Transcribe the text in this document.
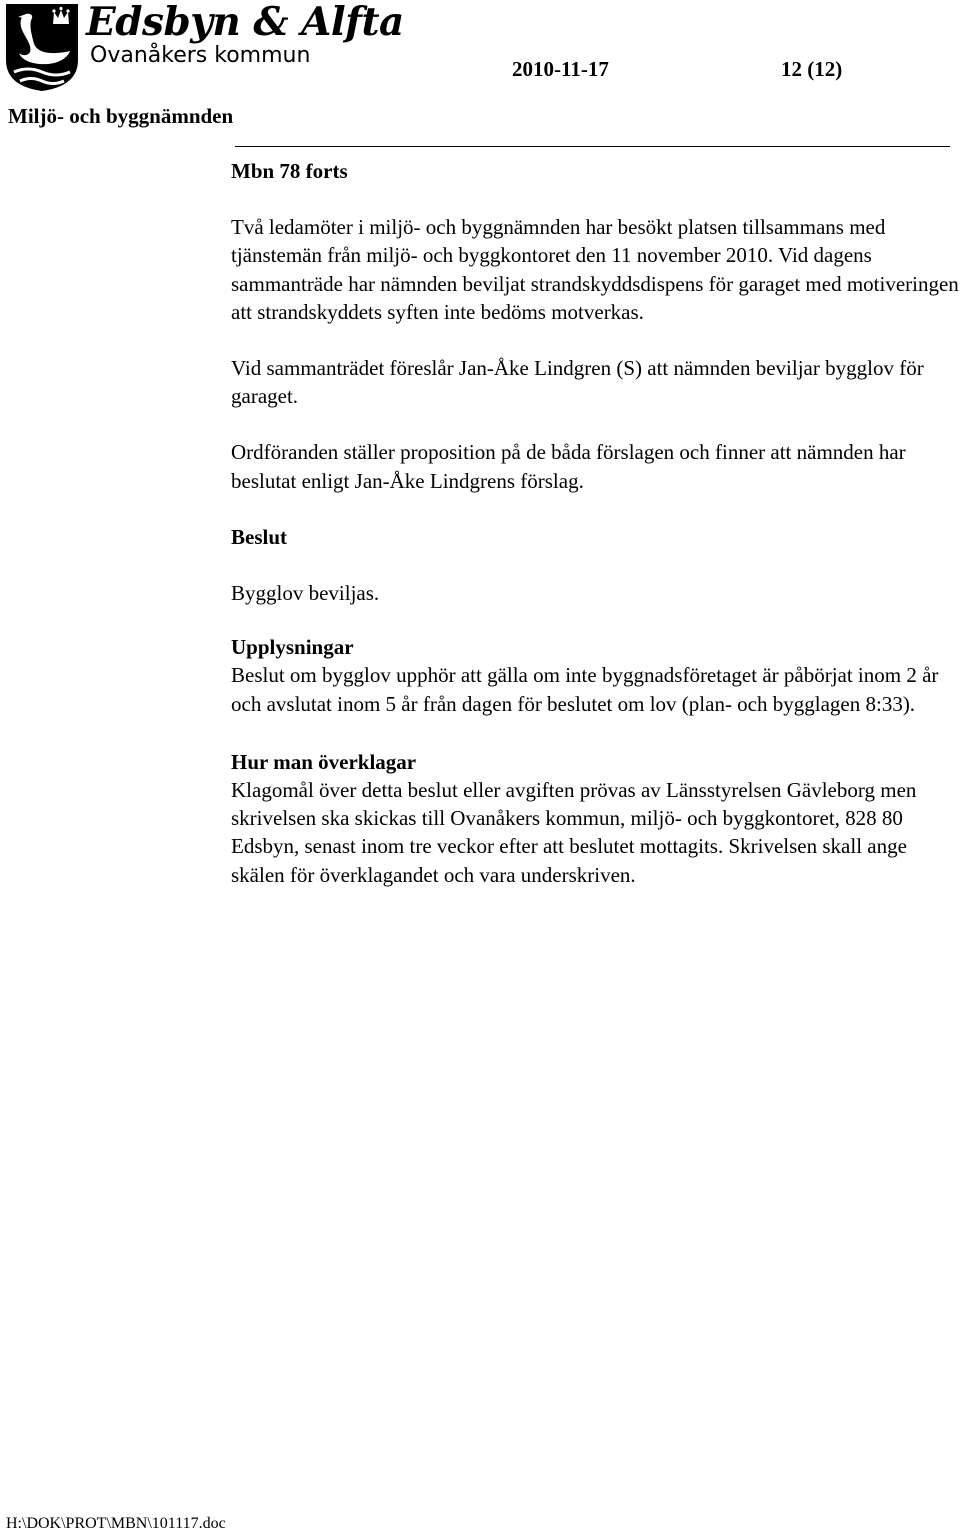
Edsbyn & Alfta
Ovanåkers kommun
2010-11-17	12 (12)
Miljö- och byggnämnden
Mbn 78 forts

Två ledamöter i miljö- och byggnämnden har besökt platsen tillsammans med tjänstemän från miljö- och byggkontoret den 11 november 2010. Vid dagens sammanträde har nämnden beviljat strandskyddsdispens för garaget med motiveringen att strandskyddets syften inte bedöms motverkas.

Vid sammanträdet föreslår Jan-Åke Lindgren (S) att nämnden beviljar bygglov för garaget.

Ordföranden ställer proposition på de båda förslagen och finner att nämnden har beslutat enligt Jan-Åke Lindgrens förslag.

Beslut

Bygglov beviljas.

Upplysningar

Beslut om bygglov upphör att gälla om inte byggnadsföretaget är påbörjat inom 2 år och avslutat inom 5 år från dagen för beslutet om lov (plan- och bygglagen 8:33).

Hur man överklagar

Klagomål över detta beslut eller avgiften prövas av Länsstyrelsen Gävleborg men skrivelsen ska skickas till Ovanåkers kommun, miljö- och byggkontoret, 828 80 Edsbyn, senast inom tre veckor efter att beslutet mottagits. Skrivelsen skall ange skälen för överklagandet och vara underskriven.

H:\DOK\PROT\MBN\101117.doc
